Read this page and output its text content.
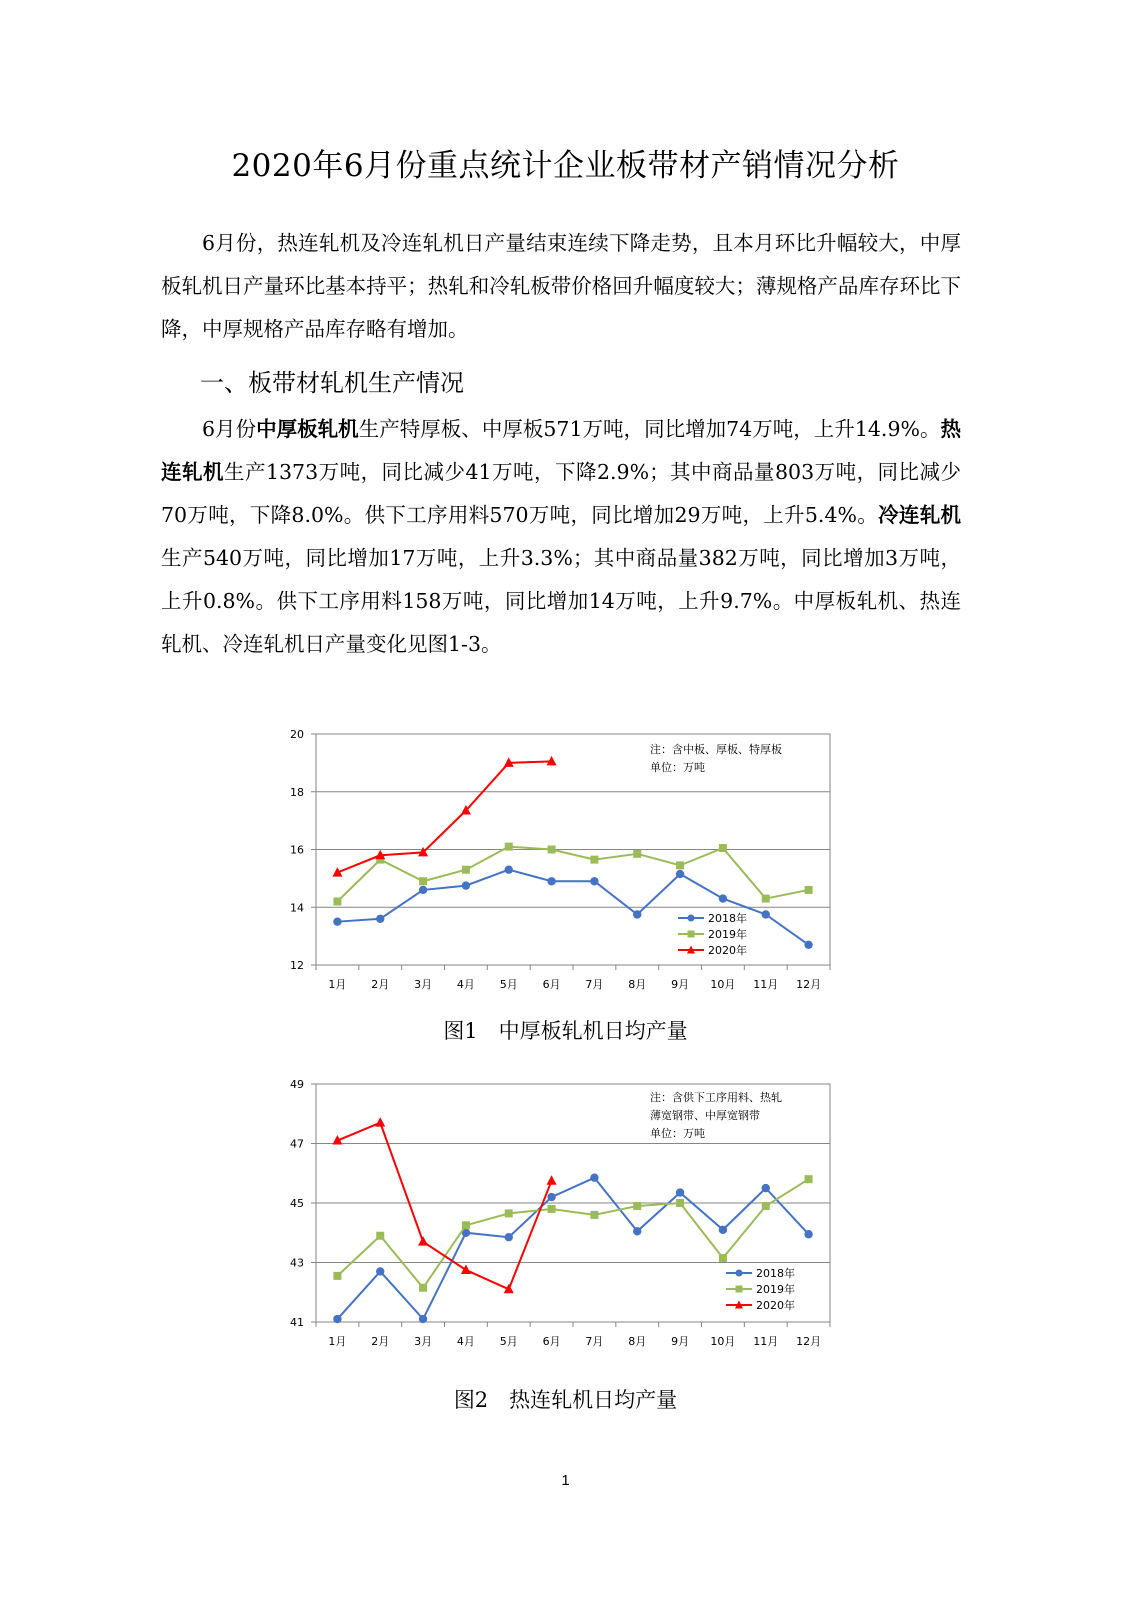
2020年6月份重点统计企业板带材产销情况分析
6月份，热连轧机及冷连轧机日产量结束连续下降走势，且本月环比升幅较大，中厚板轧机日产量环比基本持平；热轧和冷轧板带价格回升幅度较大；薄规格产品库存环比下降，中厚规格产品库存略有增加。
一、板带材轧机生产情况
6月份中厚板轧机生产特厚板、中厚板571万吨，同比增加74万吨，上升14.9%。热连轧机生产1373万吨，同比减少41万吨，下降2.9%；其中商品量803万吨，同比减少70万吨，下降8.0%。供下工序用料570万吨，同比增加29万吨，上升5.4%。冷连轧机生产540万吨，同比增加17万吨，上升3.3%；其中商品量382万吨，同比增加3万吨，上升0.8%。供下工序用料158万吨，同比增加14万吨，上升9.7%。中厚板轧机、热连轧机、冷连轧机日产量变化见图1-3。
12
14
16
18
20
1月 2月 3月 4月 5月 6月 7月 8月 9月 10月 11月 12月
注：含中板、厚板、特厚板
单位：万吨
2018年
2019年
2020年
图1　中厚板轧机日均产量
41
43
45
47
49
1月 2月 3月 4月 5月 6月 7月 8月 9月 10月 11月 12月
注：含供下工序用料、热轧
薄宽钢带、中厚宽钢带
单位：万吨
2018年
2019年
2020年
图2　热连轧机日均产量
1
